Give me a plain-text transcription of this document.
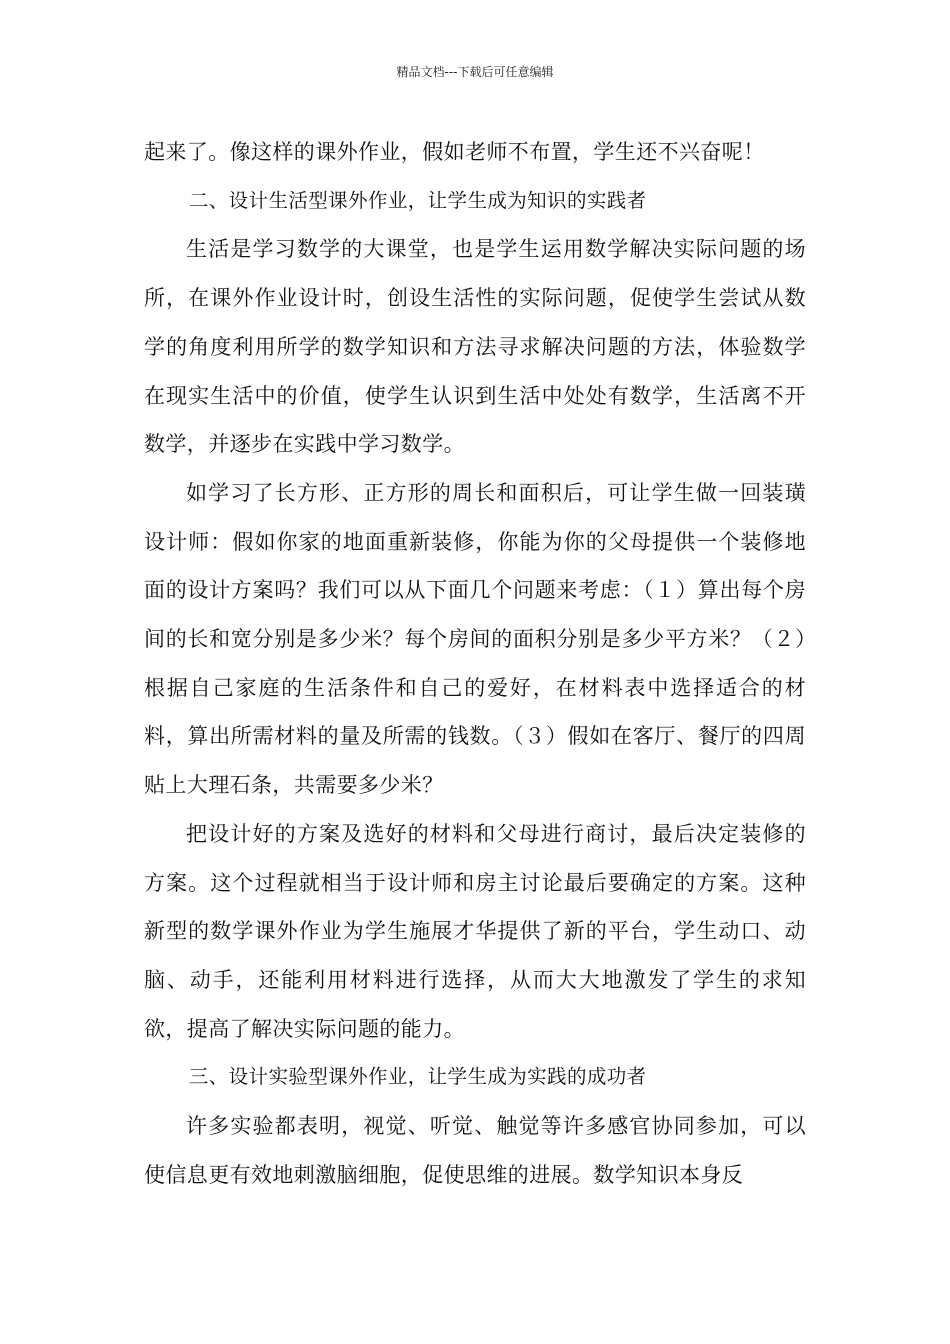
精品文档---下载后可任意编辑

起来了。像这样的课外作业，假如老师不布置，学生还不兴奋呢！

二、设计生活型课外作业，让学生成为知识的实践者

生活是学习数学的大课堂，也是学生运用数学解决实际问题的场所，在课外作业设计时，创设生活性的实际问题，促使学生尝试从数学的角度利用所学的数学知识和方法寻求解决问题的方法，体验数学在现实生活中的价值，使学生认识到生活中处处有数学，生活离不开数学，并逐步在实践中学习数学。

如学习了长方形、正方形的周长和面积后，可让学生做一回装璜设计师：假如你家的地面重新装修，你能为你的父母提供一个装修地面的设计方案吗？我们可以从下面几个问题来考虑：（１）算出每个房间的长和宽分别是多少米？每个房间的面积分别是多少平方米？（２）根据自己家庭的生活条件和自己的爱好，在材料表中选择适合的材料，算出所需材料的量及所需的钱数。（３）假如在客厅、餐厅的四周贴上大理石条，共需要多少米？

把设计好的方案及选好的材料和父母进行商讨，最后决定装修的方案。这个过程就相当于设计师和房主讨论最后要确定的方案。这种新型的数学课外作业为学生施展才华提供了新的平台，学生动口、动脑、动手，还能利用材料进行选择，从而大大地激发了学生的求知欲，提高了解决实际问题的能力。

三、设计实验型课外作业，让学生成为实践的成功者

许多实验都表明，视觉、听觉、触觉等许多感官协同参加，可以使信息更有效地刺激脑细胞，促使思维的进展。数学知识本身反
